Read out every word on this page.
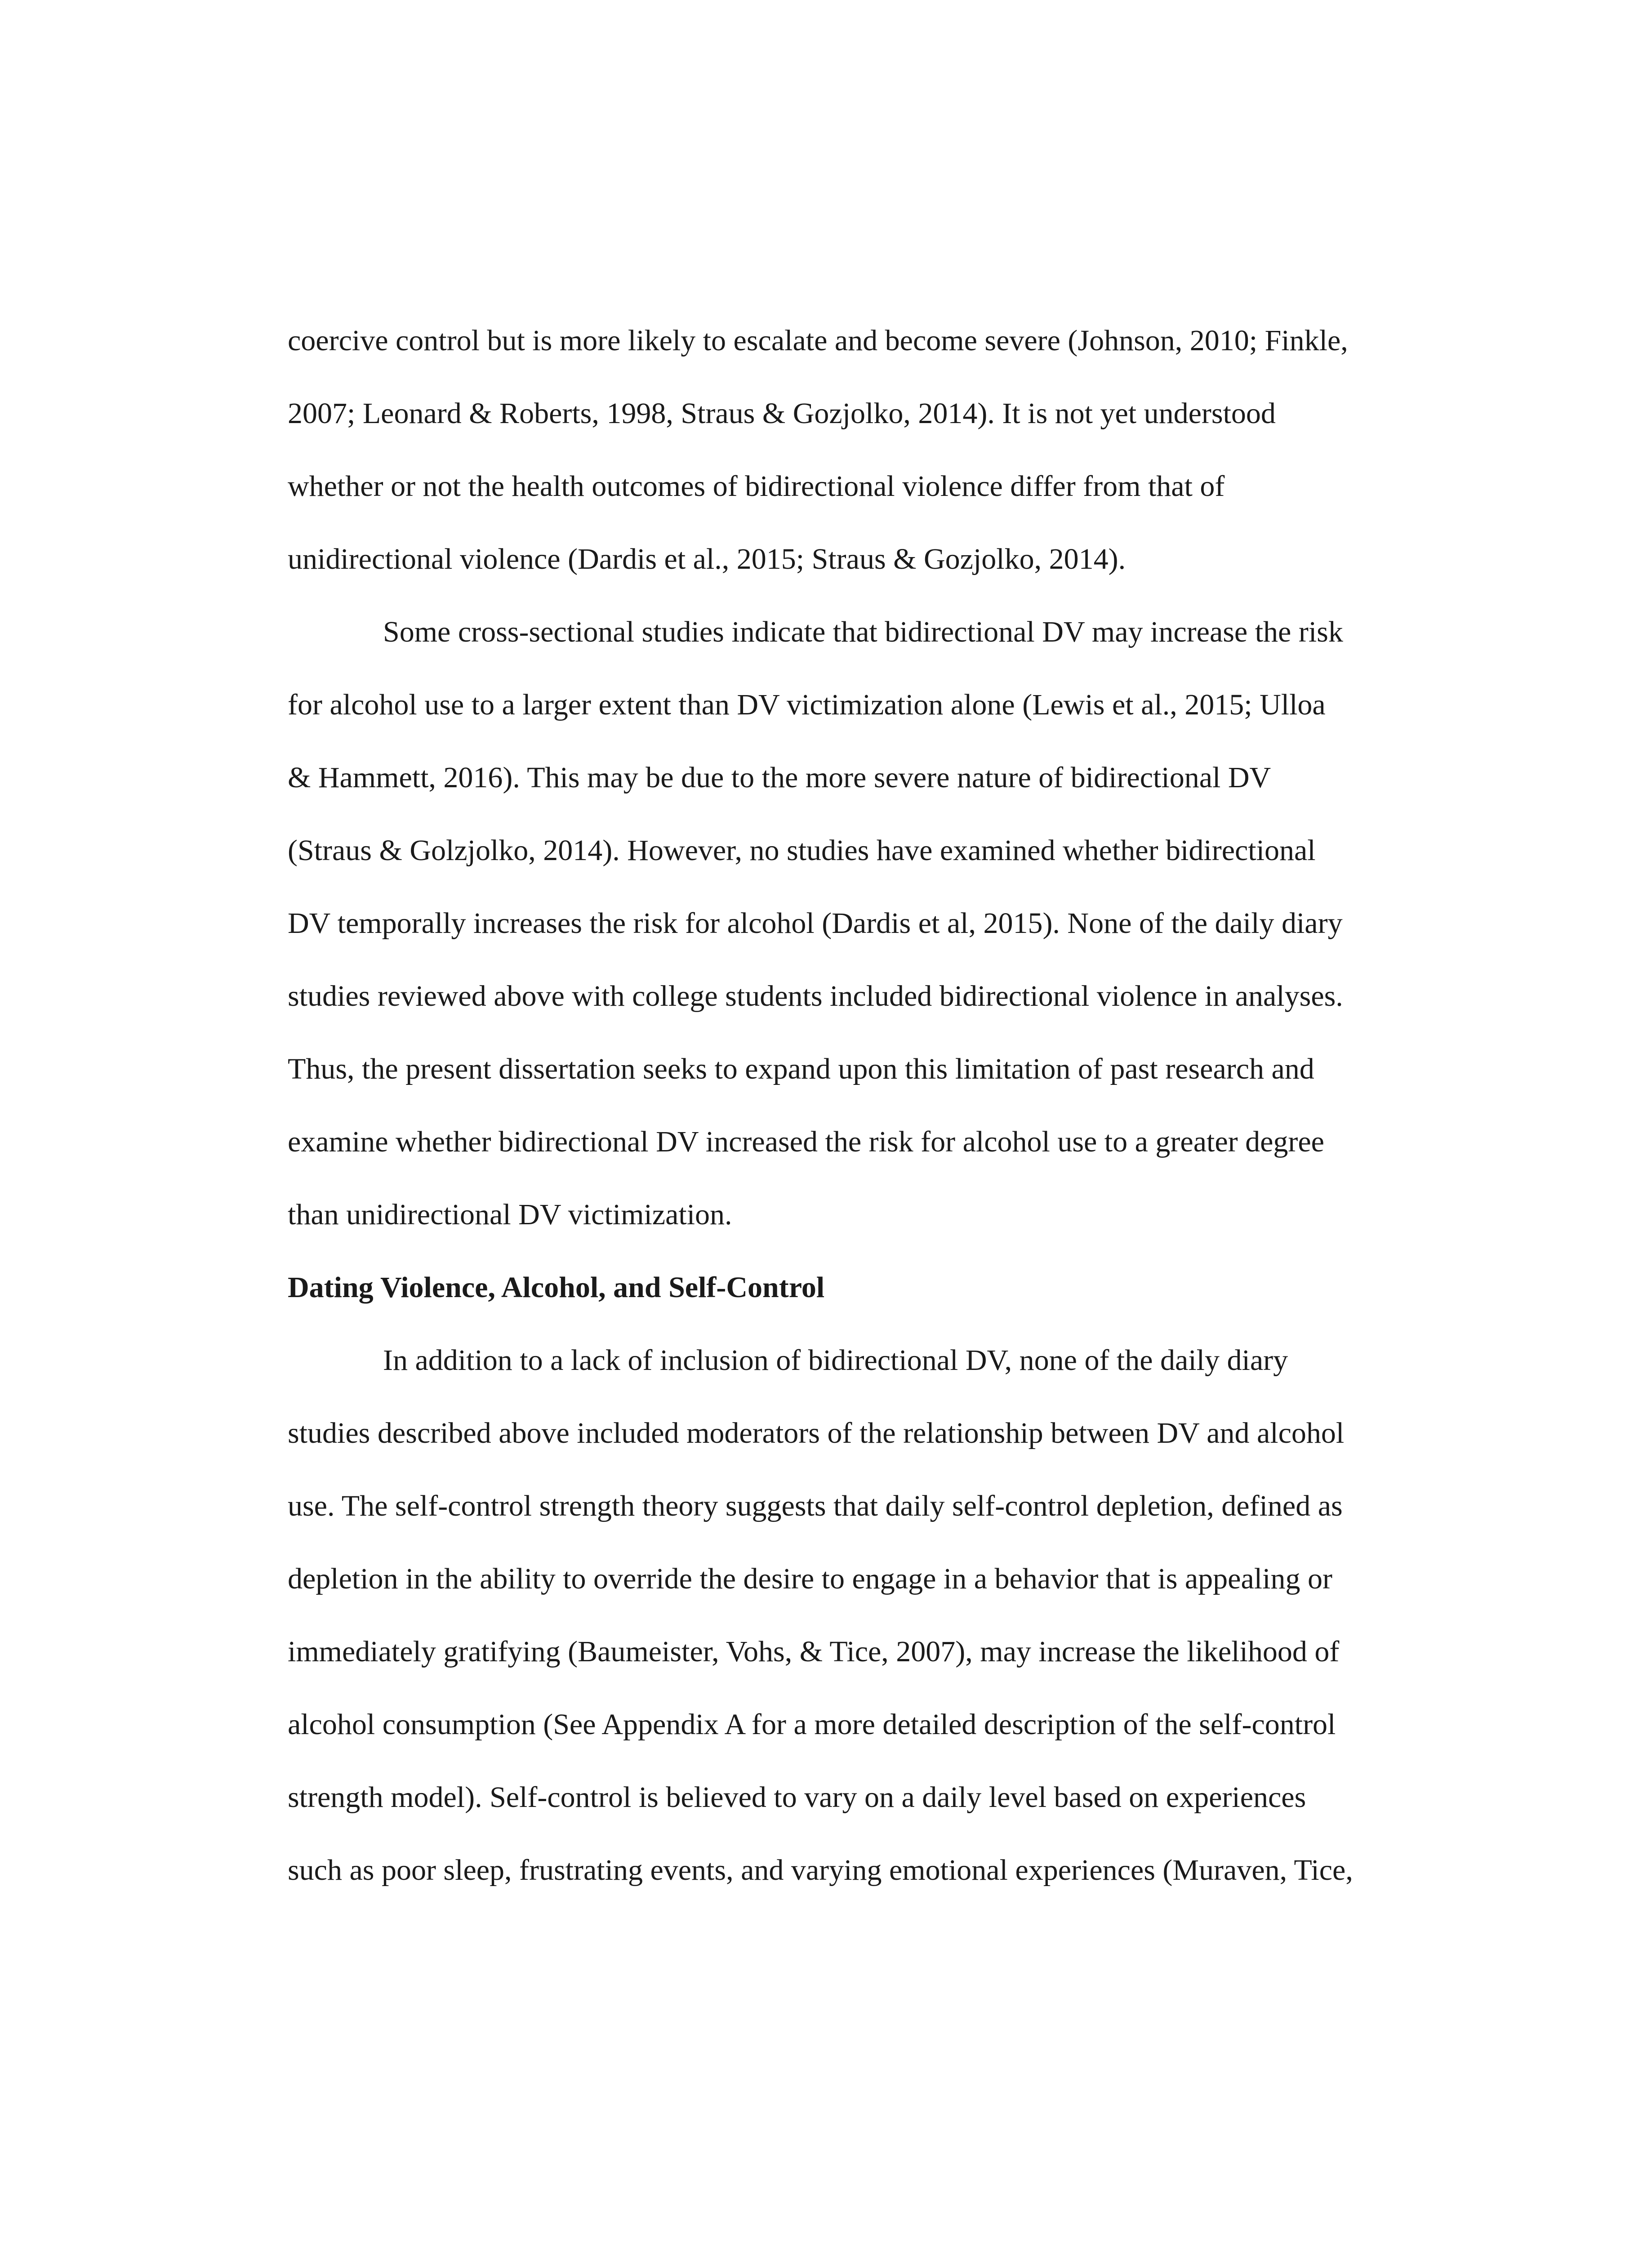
coercive control but is more likely to escalate and become severe (Johnson, 2010; Finkle,
2007; Leonard & Roberts, 1998, Straus & Gozjolko, 2014). It is not yet understood
whether or not the health outcomes of bidirectional violence differ from that of
unidirectional violence (Dardis et al., 2015; Straus & Gozjolko, 2014).
Some cross-sectional studies indicate that bidirectional DV may increase the risk
for alcohol use to a larger extent than DV victimization alone (Lewis et al., 2015; Ulloa
& Hammett, 2016). This may be due to the more severe nature of bidirectional DV
(Straus & Golzjolko, 2014). However, no studies have examined whether bidirectional
DV temporally increases the risk for alcohol (Dardis et al, 2015). None of the daily diary
studies reviewed above with college students included bidirectional violence in analyses.
Thus, the present dissertation seeks to expand upon this limitation of past research and
examine whether bidirectional DV increased the risk for alcohol use to a greater degree
than unidirectional DV victimization.
Dating Violence, Alcohol, and Self-Control
In addition to a lack of inclusion of bidirectional DV, none of the daily diary
studies described above included moderators of the relationship between DV and alcohol
use. The self-control strength theory suggests that daily self-control depletion, defined as
depletion in the ability to override the desire to engage in a behavior that is appealing or
immediately gratifying (Baumeister, Vohs, & Tice, 2007), may increase the likelihood of
alcohol consumption (See Appendix A for a more detailed description of the self-control
strength model). Self-control is believed to vary on a daily level based on experiences
such as poor sleep, frustrating events, and varying emotional experiences (Muraven, Tice,
